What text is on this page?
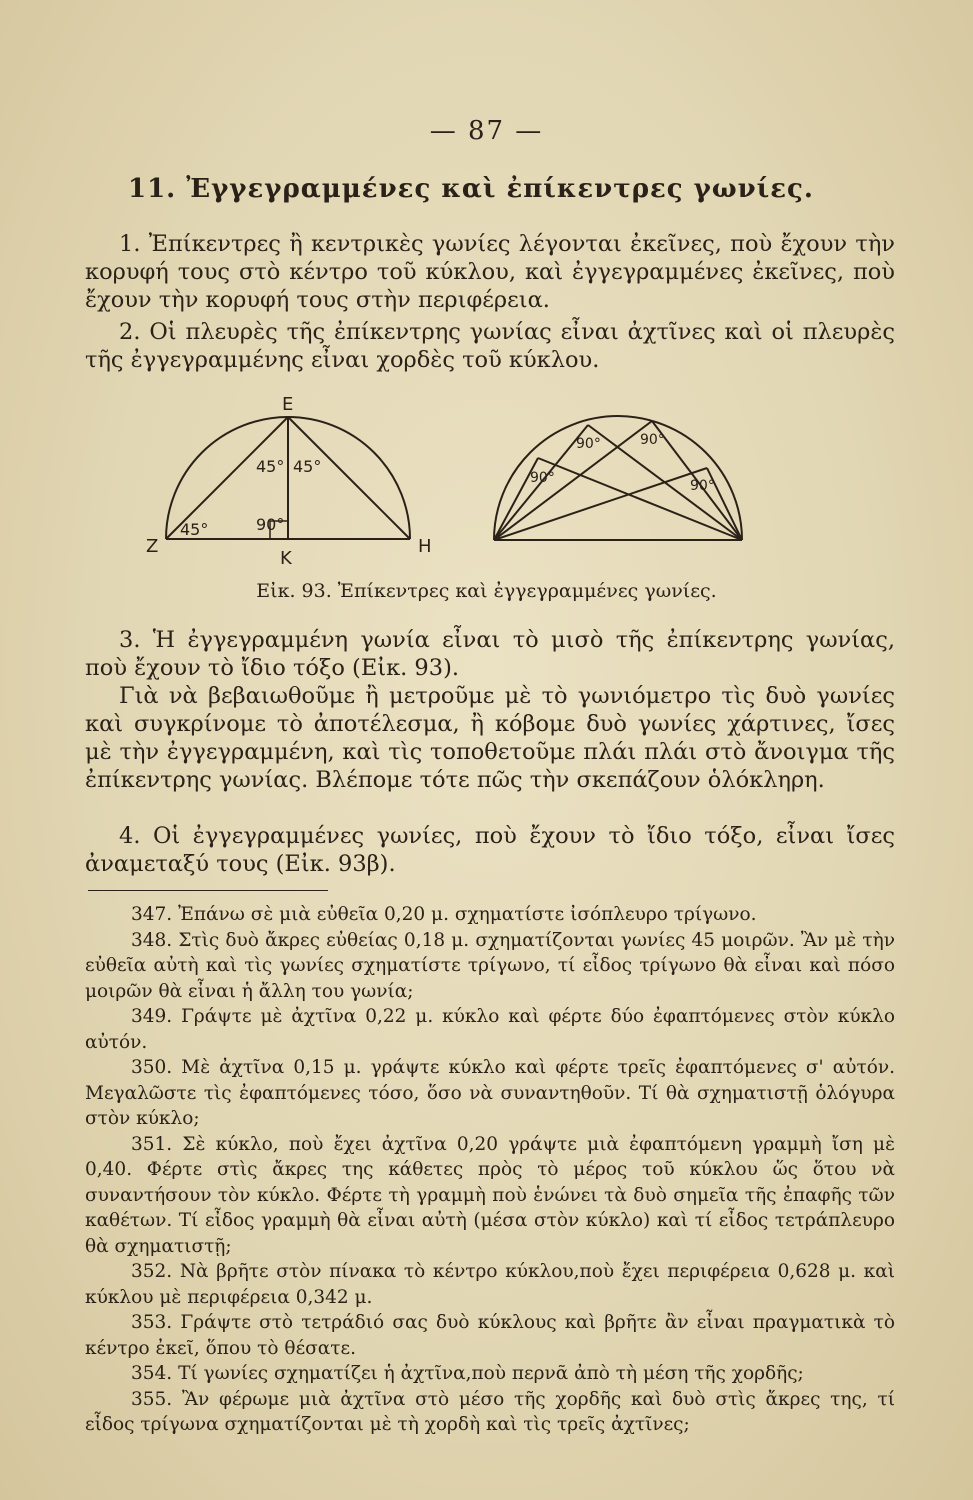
— 87 —
11. Ἐγγεγραμμένες καὶ ἐπίκεντρες γωνίες.

1. Ἐπίκεντρες ἢ κεντρικὲς γωνίες λέγονται ἐκεῖνες, ποὺ ἔχουν τὴν κορυφή τους στὸ κέντρο τοῦ κύκλου, καὶ ἐγγεγραμμένες ἐκεῖνες, ποὺ ἔχουν τὴν κορυφή τους στὴν περιφέρεια.

2. Οἱ πλευρὲς τῆς ἐπίκεντρης γωνίας εἶναι ἀχτῖνες καὶ οἱ πλευρὲς τῆς ἐγγεγραμμένης εἶναι χορδὲς τοῦ κύκλου.

E
Z	H
K
45° 45°
45°	90°
90°	90°
90°	90°
Εἰκ. 93. Ἐπίκεντρες καὶ ἐγγεγραμμένες γωνίες.

3. Ἡ ἐγγεγραμμένη γωνία εἶναι τὸ μισὸ τῆς ἐπίκεντρης γωνίας, ποὺ ἔχουν τὸ ἴδιο τόξο (Εἰκ. 93).

Γιὰ νὰ βεβαιωθοῦμε ἢ μετροῦμε μὲ τὸ γωνιόμετρο τὶς δυὸ γωνίες καὶ συγκρίνομε τὸ ἀποτέλεσμα, ἢ κόβομε δυὸ γωνίες χάρτινες, ἴσες μὲ τὴν ἐγγεγραμμένη, καὶ τὶς τοποθετοῦμε πλάι πλάι στὸ ἄνοιγμα τῆς ἐπίκεντρης γωνίας. Βλέπομε τότε πῶς τὴν σκεπάζουν ὁλόκληρη.

4. Οἱ ἐγγεγραμμένες γωνίες, ποὺ ἔχουν τὸ ἴδιο τόξο, εἶναι ἴσες ἀναμεταξύ τους (Εἰκ. 93β).

347. Ἐπάνω σὲ μιὰ εὐθεῖα 0,20 μ. σχηματίστε ἰσόπλευρο τρίγωνο.

348. Στὶς δυὸ ἄκρες εὐθείας 0,18 μ. σχηματίζονται γωνίες 45 μοιρῶν. Ἂν μὲ τὴν εὐθεῖα αὐτὴ καὶ τὶς γωνίες σχηματίστε τρίγωνο, τί εἶδος τρίγωνο θὰ εἶναι καὶ πόσο μοιρῶν θὰ εἶναι ἡ ἄλλη του γωνία;

349. Γράψτε μὲ ἀχτῖνα 0,22 μ. κύκλο καὶ φέρτε δύο ἐφαπτόμενες στὸν κύκλο αὐτόν.

350. Μὲ ἀχτῖνα 0,15 μ. γράψτε κύκλο καὶ φέρτε τρεῖς ἐφαπτόμενες σ' αὐτόν. Μεγαλῶστε τὶς ἐφαπτόμενες τόσο, ὅσο νὰ συναντηθοῦν. Τί θὰ σχηματιστῇ ὁλόγυρα στὸν κύκλο;

351. Σὲ κύκλο, ποὺ ἔχει ἀχτῖνα 0,20 γράψτε μιὰ ἐφαπτόμενη γραμμὴ ἴση μὲ 0,40. Φέρτε στὶς ἄκρες της κάθετες πρὸς τὸ μέρος τοῦ κύκλου ὥς ὅτου νὰ συναντήσουν τὸν κύκλο. Φέρτε τὴ γραμμὴ ποὺ ἑνώνει τὰ δυὸ σημεῖα τῆς ἐπαφῆς τῶν καθέτων. Τί εἶδος γραμμὴ θὰ εἶναι αὐτὴ (μέσα στὸν κύκλο) καὶ τί εἶδος τετράπλευρο θὰ σχηματιστῇ;

352. Νὰ βρῆτε στὸν πίνακα τὸ κέντρο κύκλου,ποὺ ἔχει περιφέρεια 0,628 μ. καὶ κύκλου μὲ περιφέρεια 0,342 μ.

353. Γράψτε στὸ τετράδιό σας δυὸ κύκλους καὶ βρῆτε ἂν εἶναι πραγματικὰ τὸ κέντρο ἐκεῖ, ὅπου τὸ θέσατε.

354. Τί γωνίες σχηματίζει ἡ ἀχτῖνα,ποὺ περνᾶ ἀπὸ τὴ μέση τῆς χορδῆς;

355. Ἂν φέρωμε μιὰ ἀχτῖνα στὸ μέσο τῆς χορδῆς καὶ δυὸ στὶς ἄκρες της, τί εἶδος τρίγωνα σχηματίζονται μὲ τὴ χορδὴ καὶ τὶς τρεῖς ἀχτῖνες;
